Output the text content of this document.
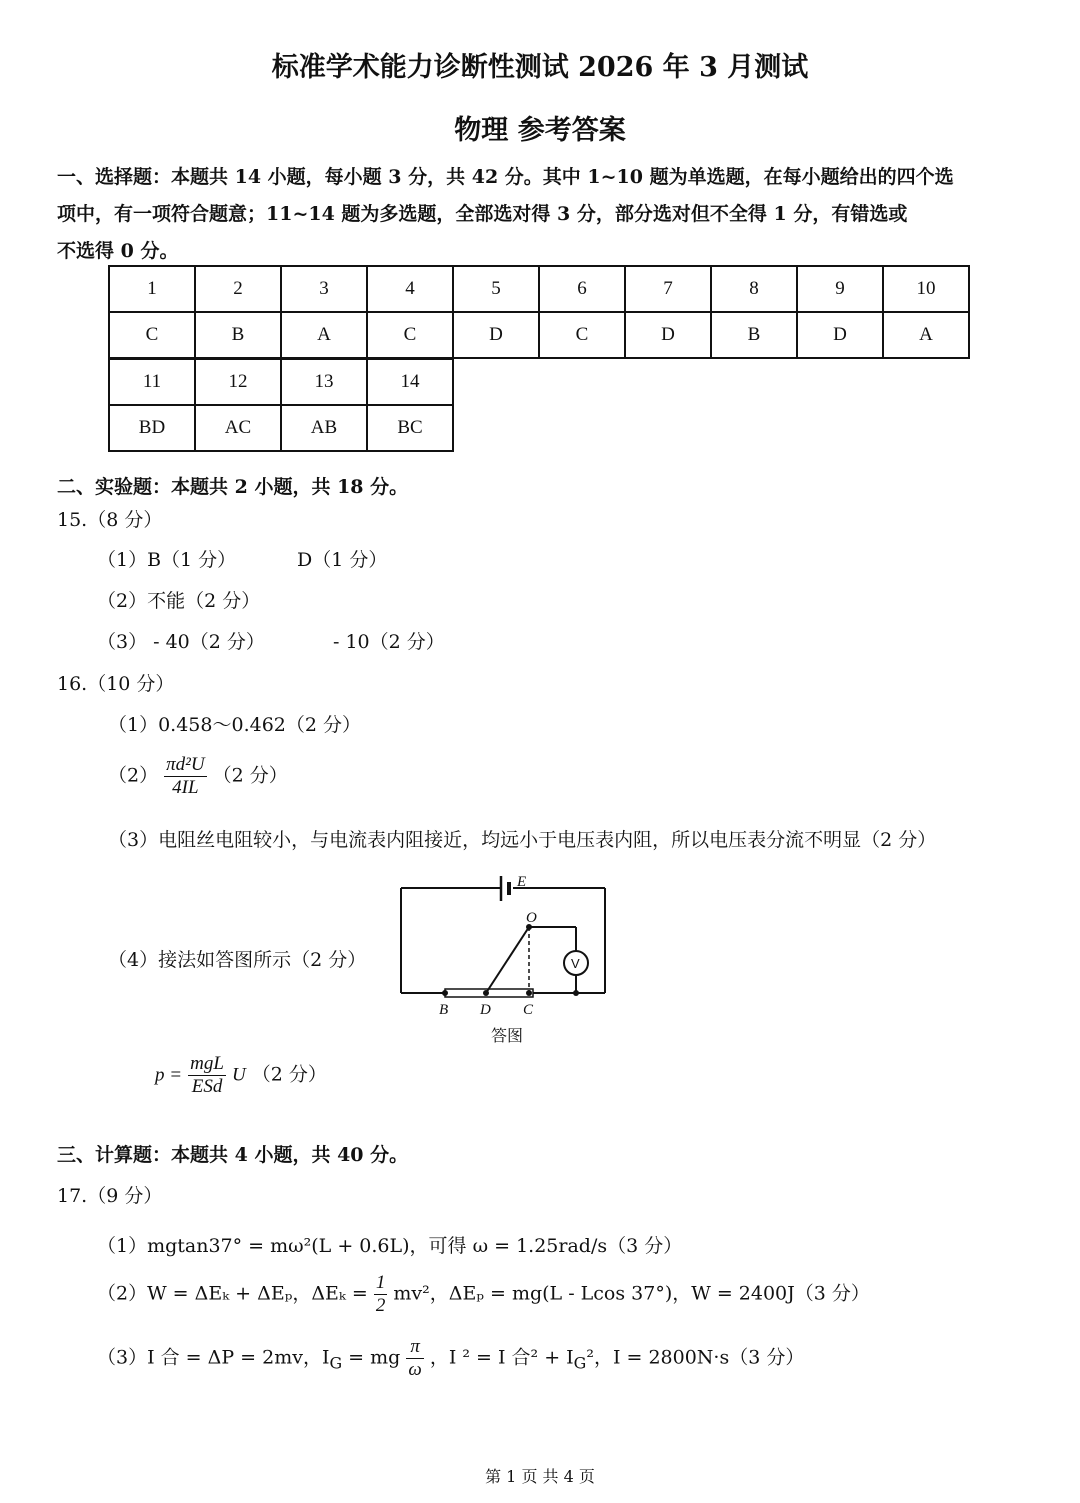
标准学术能力诊断性测试 2026 年 3 月测试
物理 参考答案
一、选择题：本题共 14 小题，每小题 3 分，共 42 分。其中 1~10 题为单选题，在每小题给出的四个选
项中，有一项符合题意；11~14 题为多选题，全部选对得 3 分，部分选对但不全得 1 分，有错选或
不选得 0 分。
1	2	3	4	5	6	7	8	9	10
C	B	A	C	D	C	D	B	D	A
11	12	13	14
BD	AC	AB	BC
二、实验题：本题共 2 小题，共 18 分。
15.（8 分）
（1）B（1 分）	D（1 分）
（2）不能（2 分）
（3） - 40（2 分）	- 10（2 分）
16.（10 分）
（1）0.458～0.462（2 分）
$(2) \frac{\text{πd²U}}{4IL} (2$ 分）
（3）电阻丝电阻较小，与电流表内阻接近，均远小于电压表内阻，所以电压表分流不明显（2 分）
（4）接法如答图所示（2 分）
E
O
B D C
V
答图
$p = \frac{\text{mgL}}{\text{ESd}}$ U （2 分）
三、计算题：本题共 4 小题，共 40 分。
17.（9 分）
（1）mgtan37° = mω²(L + 0.6L)，可得 ω = 1.25rad/s（3 分）
（2）W = ΔEₖ + ΔEₚ，$\Delta E_k = \frac{1}{2} mv^2$，ΔEₚ = mg(L - Lcos 37°)，W = 2400J（3 分）
（3）I 合 = ΔP = 2mv，$I_G$ = mg $\frac{\pi}{\omega}$ ，I ² = I 合$^2 + I_G^2$，I = 2800N·s（3 分）
第 1 页 共 4 页
